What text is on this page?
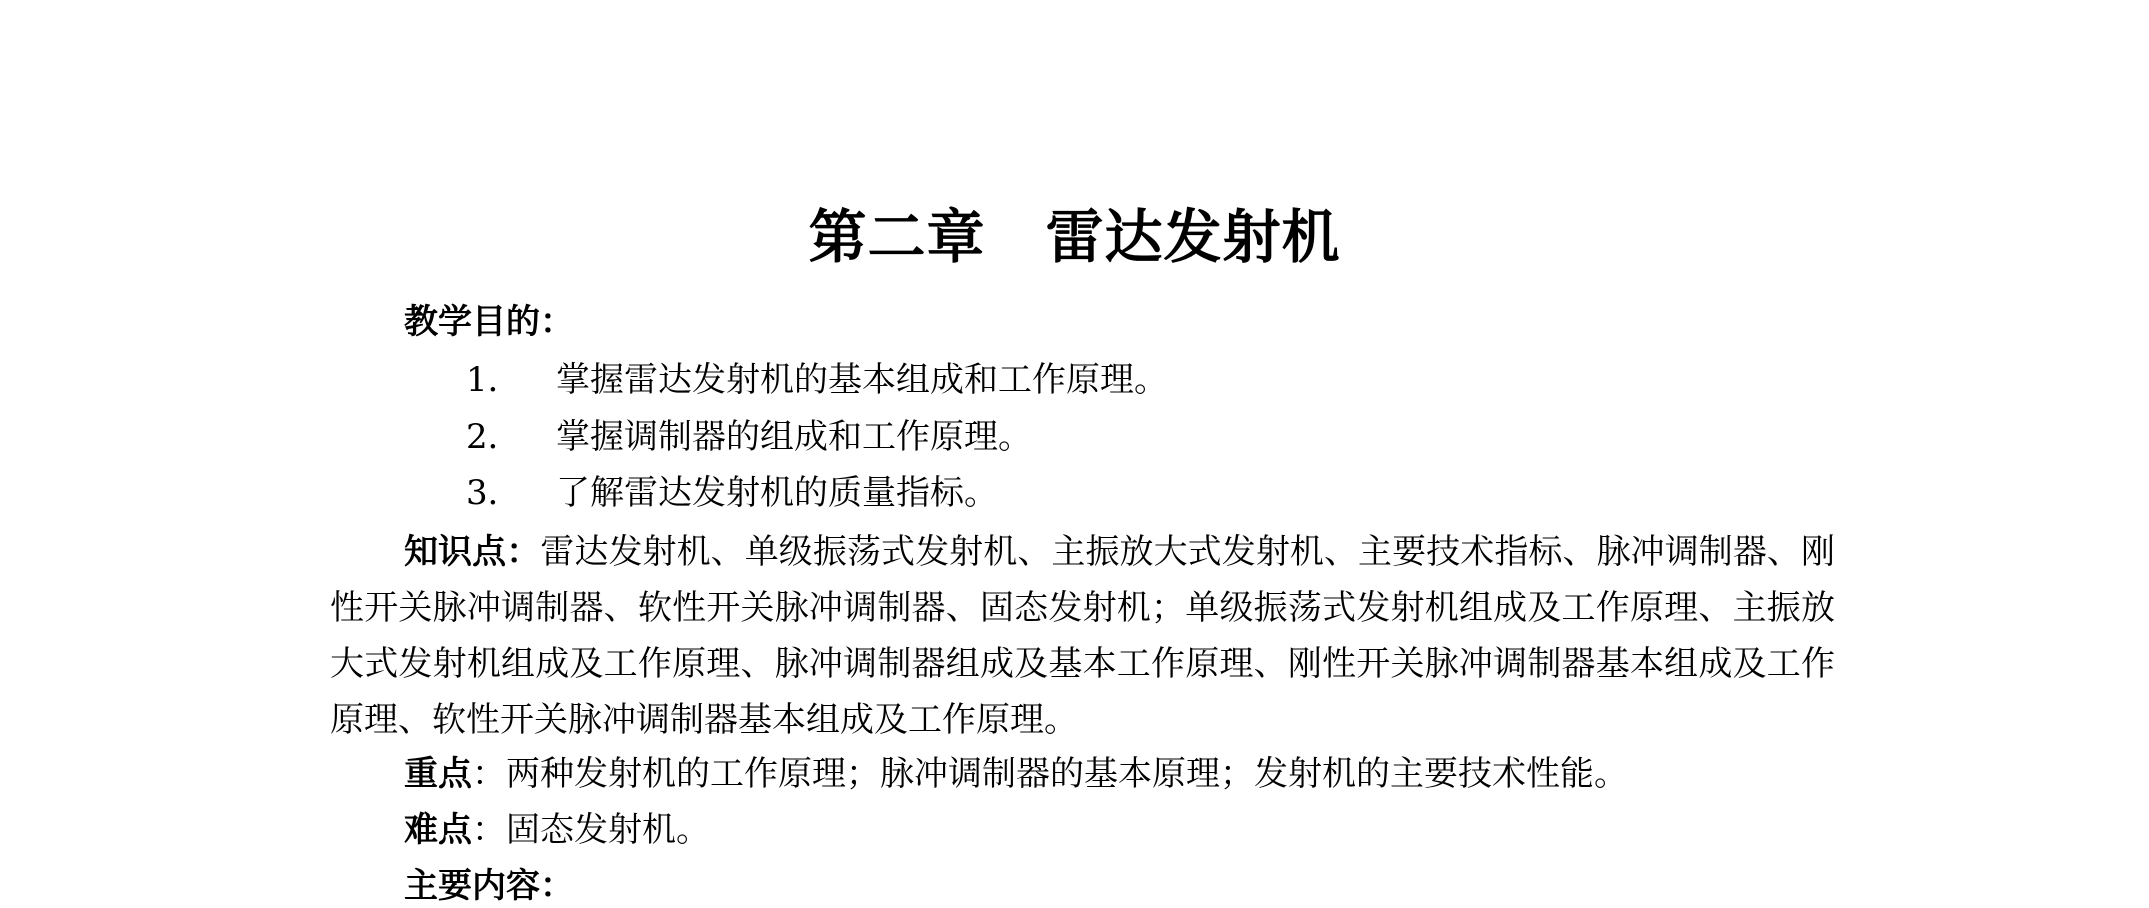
第二章 雷达发射机
教学目的：
1． 掌握雷达发射机的基本组成和工作原理。
2． 掌握调制器的组成和工作原理。
3． 了解雷达发射机的质量指标。
知识点：雷达发射机、单级振荡式发射机、主振放大式发射机、主要技术指标、脉冲调制器、刚性开关脉冲调制器、软性开关脉冲调制器、固态发射机；单级振荡式发射机组成及工作原理、主振放大式发射机组成及工作原理、脉冲调制器组成及基本工作原理、刚性开关脉冲调制器基本组成及工作原理、软性开关脉冲调制器基本组成及工作原理。
重点：两种发射机的工作原理；脉冲调制器的基本原理；发射机的主要技术性能。
难点：固态发射机。
主要内容：
